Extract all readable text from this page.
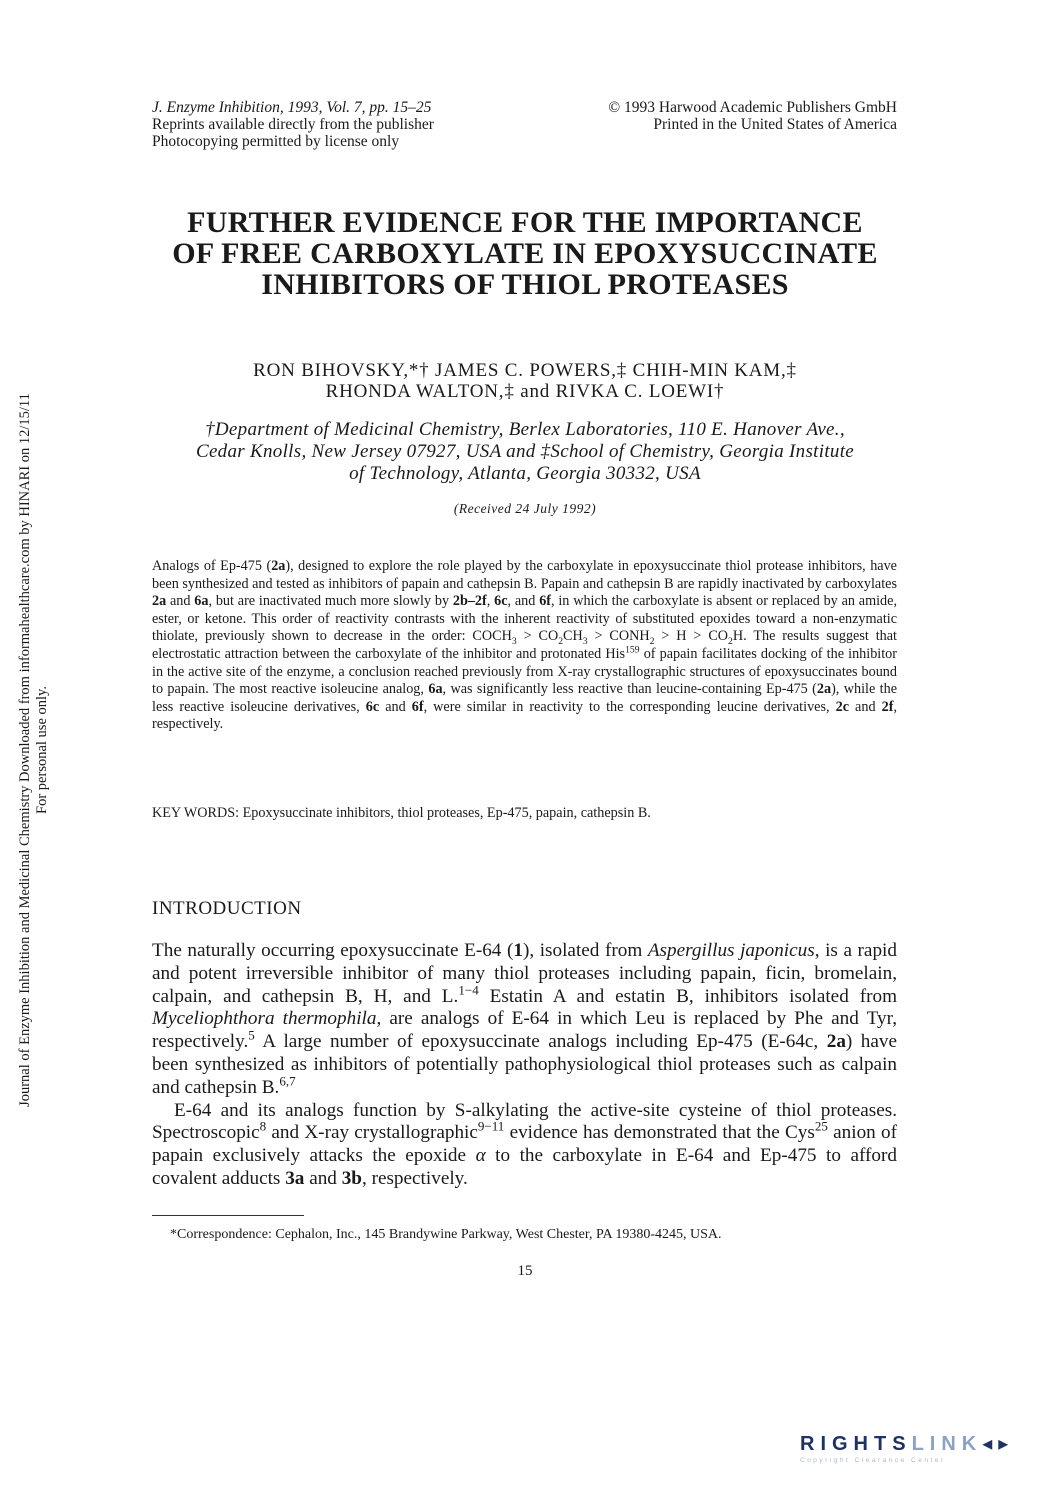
J. Enzyme Inhibition, 1993, Vol. 7, pp. 15–25
Reprints available directly from the publisher
Photocopying permitted by license only
© 1993 Harwood Academic Publishers GmbH
Printed in the United States of America
FURTHER EVIDENCE FOR THE IMPORTANCE
OF FREE CARBOXYLATE IN EPOXYSUCCINATE
INHIBITORS OF THIOL PROTEASES
RON BIHOVSKY,*† JAMES C. POWERS,‡ CHIH-MIN KAM,‡
RHONDA WALTON,‡ and RIVKA C. LOEWI†
†Department of Medicinal Chemistry, Berlex Laboratories, 110 E. Hanover Ave.,
Cedar Knolls, New Jersey 07927, USA and ‡School of Chemistry, Georgia Institute
of Technology, Atlanta, Georgia 30332, USA
(Received 24 July 1992)
Analogs of Ep-475 (2a), designed to explore the role played by the carboxylate in epoxysuccinate thiol protease inhibitors, have been synthesized and tested as inhibitors of papain and cathepsin B. Papain and cathepsin B are rapidly inactivated by carboxylates 2a and 6a, but are inactivated much more slowly by 2b–2f, 6c, and 6f, in which the carboxylate is absent or replaced by an amide, ester, or ketone. This order of reactivity contrasts with the inherent reactivity of substituted epoxides toward a non-enzymatic thiolate, previously shown to decrease in the order: $COCH_3 > CO_2CH_3$ > $CONH_2 > H > CO_2H$. The results suggest that electrostatic attraction between the carboxylate of the inhibitor and protonated His$^{159}$ of papain facilitates docking of the inhibitor in the active site of the enzyme, a conclusion reached previously from X-ray crystallographic structures of epoxysuccinates bound to papain. The most reactive isoleucine analog, 6a, was significantly less reactive than leucine-containing Ep-475 (2a), while the less reactive isoleucine derivatives, 6c and 6f, were similar in reactivity to the corresponding leucine derivatives, 2c and 2f, respectively.
KEY WORDS: Epoxysuccinate inhibitors, thiol proteases, Ep-475, papain, cathepsin B.
INTRODUCTION

The naturally occurring epoxysuccinate E-64 (1), isolated from Aspergillus japonicus, is a rapid and potent irreversible inhibitor of many thiol proteases including papain, ficin, bromelain, calpain, and cathepsin B, H, and L.$^{1-4}$ Estatin A and estatin B, inhibitors isolated from Myceliophthora thermophila, are analogs of E-64 in which Leu is replaced by Phe and Tyr, respectively.$^5$ A large number of epoxysuccinate analogs including Ep-475 (E-64c, 2a) have been synthesized as inhibitors of potentially pathophysiological thiol proteases such as calpain and cathepsin B.$^{6,7}$

E-64 and its analogs function by S-alkylating the active-site cysteine of thiol proteases. Spectroscopic$^8$ and X-ray crystallographic$^{9-11}$ evidence has demonstrated that the Cys$^{25}$ anion of papain exclusively attacks the epoxide α to the carboxylate in E-64 and Ep-475 to afford covalent adducts 3a and 3b, respectively.

*Correspondence: Cephalon, Inc., 145 Brandywine Parkway, West Chester, PA 19380-4245, USA.
15
Journal of Enzyme Inhibition and Medicinal Chemistry Downloaded from informahealthcare.com by HINARI on 12/15/11 For personal use only.
RIGHTSLINK◂▸
Copyright Clearance Center
